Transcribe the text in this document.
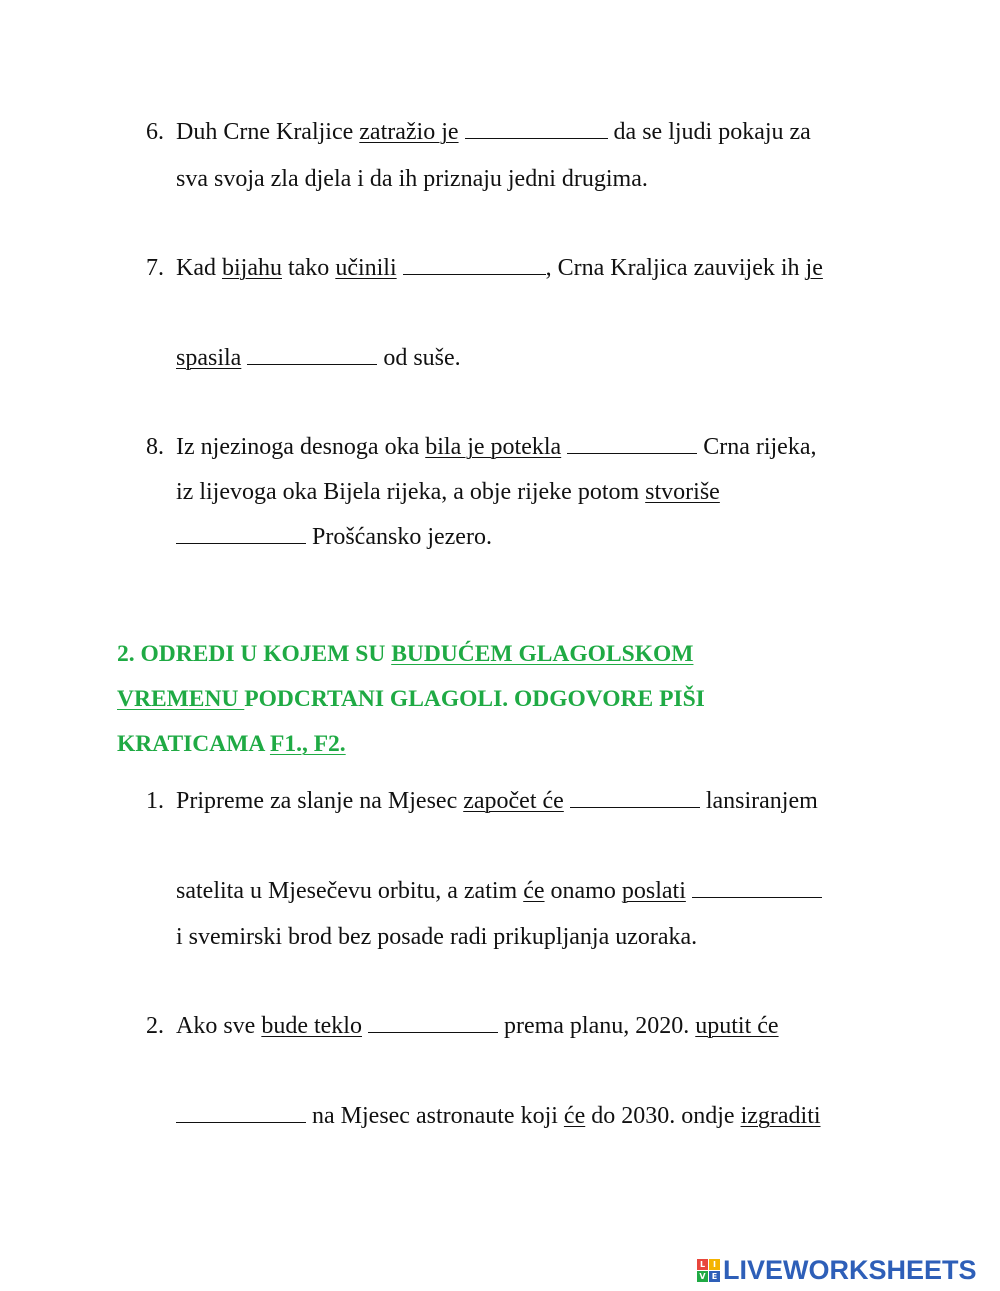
6. Duh Crne Kraljice zatražio je	da se ljudi pokaju za
sva svoja zla djela i da ih priznaju jedni drugima.
7. Kad bijahu tako učinili	, Crna Kraljica zauvijek ih je
spasila	od suše.
8. Iz njezinoga desnoga oka bila je potekla	Crna rijeka,
iz lijevoga oka Bijela rijeka, a obje rijeke potom stvoriše
Prošćansko jezero.
2. ODREDI U KOJEM SU BUDUĆEM GLAGOLSKOM
VREMENU PODCRTANI GLAGOLI. ODGOVORE PIŠI
KRATICAMA F1., F2.
1. Pripreme za slanje na Mjesec započet će	lansiranjem
satelita u Mjesečevu orbitu, a zatim će onamo poslati
i svemirski brod bez posade radi prikupljanja uzoraka.
2. Ako sve bude teklo	prema planu, 2020. uputit će
na Mjesec astronaute koji će do 2030. ondje izgraditi
L I
V E LIVEWORKSHEETS
